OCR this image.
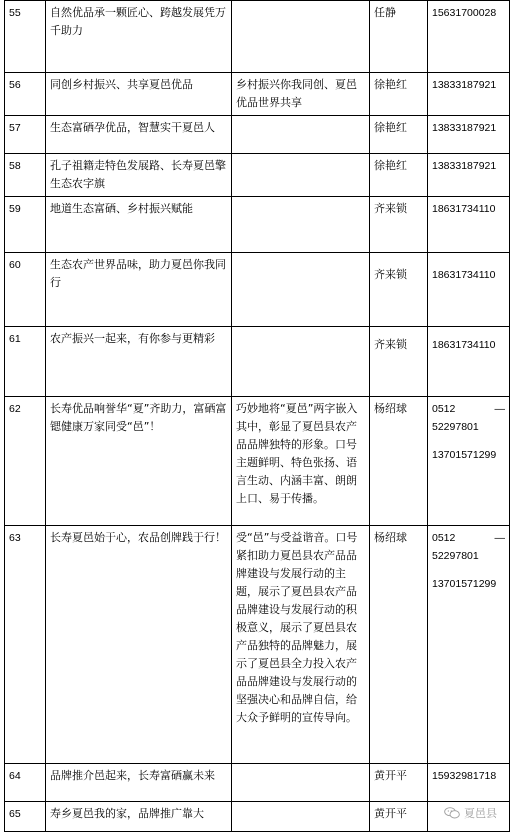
55	自然优品承一颗匠心、跨越发展凭万千助力		任静	15631700028

56	同创乡村振兴、共享夏邑优品	乡村振兴你我同创、夏邑优品世界共享	徐艳红	13833187921

57	生态富硒孕优品，智慧实干夏邑人		徐艳红	13833187921

58	孔子祖籍走特色发展路、长寿夏邑擎生态农字旗		徐艳红	13833187921

59	地道生态富硒、乡村振兴赋能		齐来锁	18631734110

60	生态农产世界品味，助力夏邑你我同行		齐来锁	18631734110

61	农产振兴一起来，有你参与更精彩		齐来锁	18631734110

62	长寿优品响誉华“夏”齐助力，富硒富锶健康万家同受“邑”！	巧妙地将“夏邑”两字嵌入其中，彰显了夏邑县农产品品牌独特的形象。口号主题鲜明、特色张扬、语言生动、内涵丰富、朗朗上口、易于传播。	杨绍球	0512 —
52297801
13701571299

63	长寿夏邑始于心，农品创牌践于行！	受“邑”与受益谐音。口号紧扣助力夏邑县农产品品牌建设与发展行动的主题，展示了夏邑县农产品品牌建设与发展行动的积极意义，展示了夏邑县农产品独特的品牌魅力，展示了夏邑县全力投入农产品品牌建设与发展行动的坚强决心和品牌自信，给大众予鲜明的宣传导向。	杨绍球	0512 —
52297801
13701571299

64	品牌推介邑起来，长寿富硒赢未来		黄开平	15932981718

65	寿乡夏邑我的家，品牌推广靠大		黄开平	
		夏邑县
